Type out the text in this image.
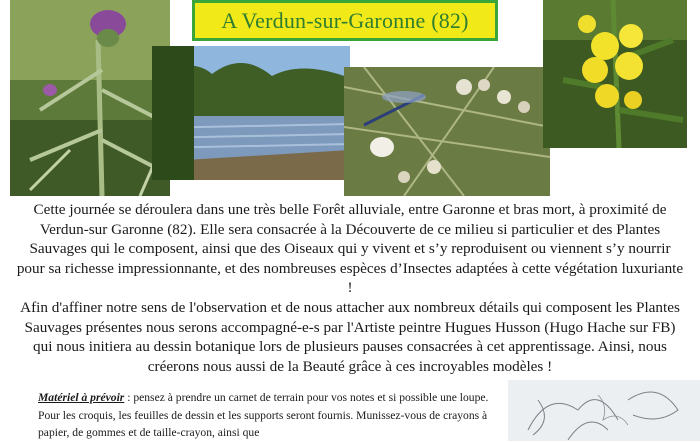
A Verdun-sur-Garonne (82)

Cette journée se déroulera dans une très belle Forêt alluviale, entre Garonne et bras mort, à proximité de Verdun-sur Garonne (82). Elle sera consacrée à la Découverte de ce milieu si particulier et des Plantes Sauvages qui le composent, ainsi que des Oiseaux qui y vivent et s’y reproduisent ou viennent s’y nourrir pour sa richesse impressionnante, et des nombreuses espèces d’Insectes adaptées à cette végétation luxuriante !

Afin d'affiner notre sens de l'observation et de nous attacher aux nombreux détails qui composent les Plantes Sauvages présentes nous serons accompagné-e-s par l'Artiste peintre Hugues Husson (Hugo Hache sur FB) qui nous initiera au dessin botanique lors de plusieurs pauses consacrées à cet apprentissage. Ainsi, nous créerons nous aussi de la Beauté grâce à ces incroyables modèles !

Matériel à prévoir : pensez à prendre un carnet de terrain pour vos notes et si possible une loupe. Pour les croquis, les feuilles de dessin et les supports seront fournis. Munissez-vous de crayons à papier, de gommes et de taille-crayon, ainsi que
